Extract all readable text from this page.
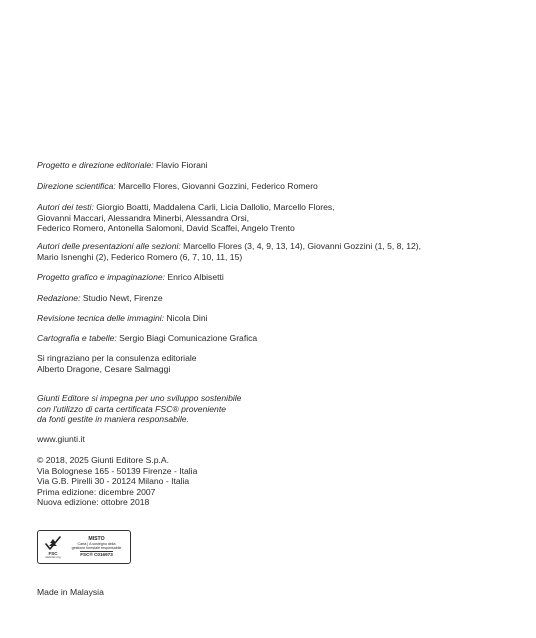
Progetto e direzione editoriale: Flavio Fiorani
Direzione scientifica: Marcello Flores, Giovanni Gozzini, Federico Romero
Autori dei testi: Giorgio Boatti, Maddalena Carli, Licia Dallolio, Marcello Flores,
Giovanni Maccari, Alessandra Minerbi, Alessandra Orsi,
Federico Romero, Antonella Salomoni, David Scaffei, Angelo Trento
Autori delle presentazioni alle sezioni: Marcello Flores (3, 4, 9, 13, 14), Giovanni Gozzini (1, 5, 8, 12),
Mario Isnenghi (2), Federico Romero (6, 7, 10, 11, 15)
Progetto grafico e impaginazione: Enrico Albisetti
Redazione: Studio Newt, Firenze
Revisione tecnica delle immagini: Nicola Dini
Cartografia e tabelle: Sergio Biagi Comunicazione Grafica
Si ringraziano per la consulenza editoriale
Alberto Dragone, Cesare Salmaggi
Giunti Editore si impegna per uno sviluppo sostenibile
con l'utilizzo di carta certificata FSC® proveniente
da fonti gestite in maniera responsabile.
www.giunti.it
© 2018, 2025 Giunti Editore S.p.A.
Via Bolognese 165 - 50139 Firenze - Italia
Via G.B. Pirelli 30 - 20124 Milano - Italia
Prima edizione: dicembre 2007
Nuova edizione: ottobre 2018
FSC
www.fsc.org
MISTO
Carta | A sostegno della
gestione forestale responsabile
FSC® C016973
Made in Malaysia
